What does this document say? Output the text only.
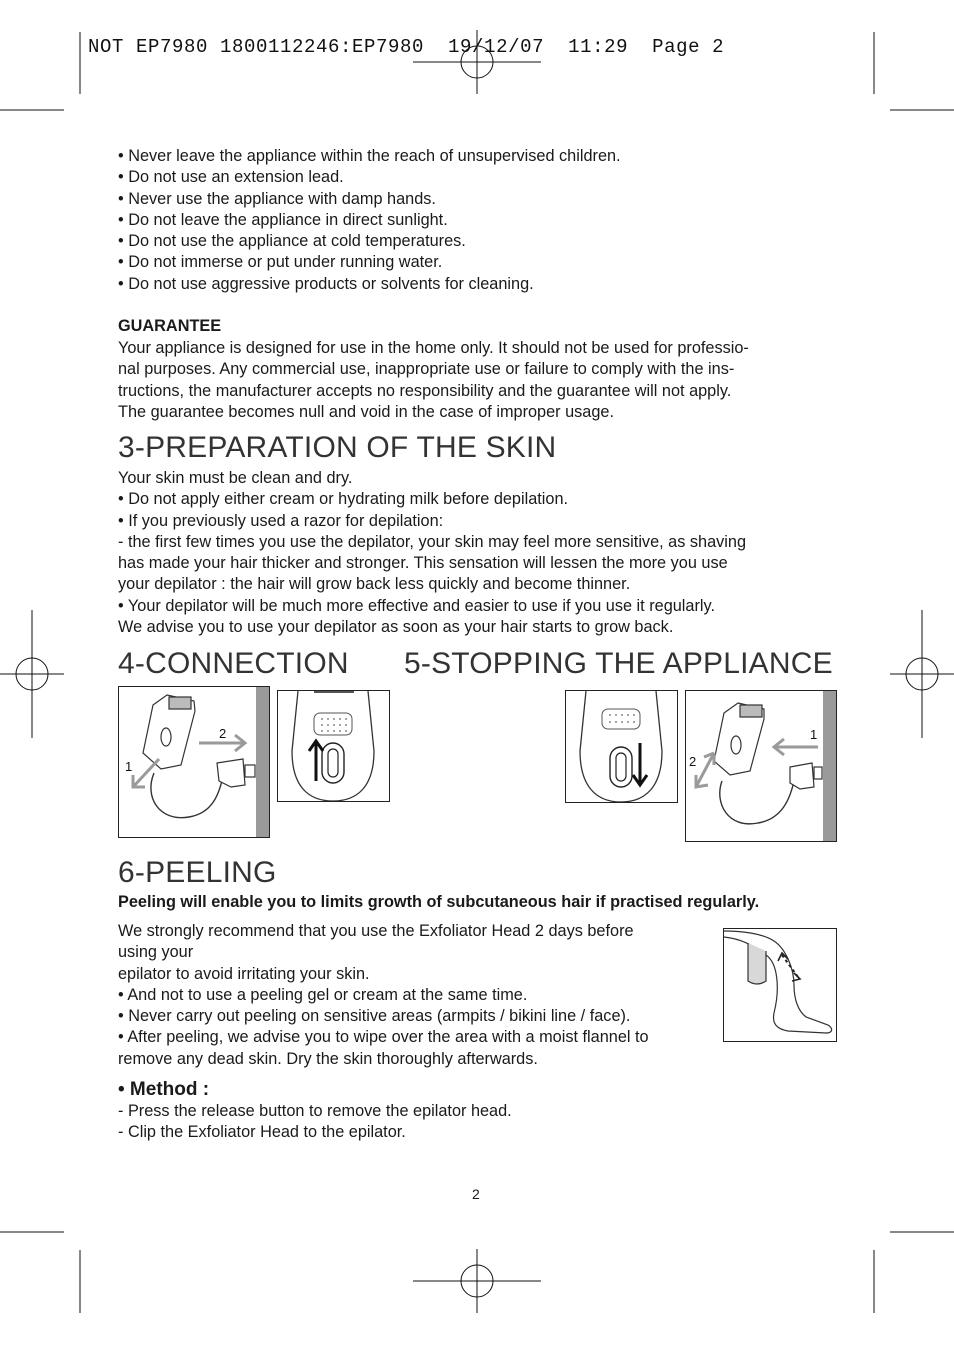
NOT EP7980 1800112246:EP7980  19/12/07  11:29  Page 2
• Never leave the appliance within the reach of unsupervised children.
• Do not use an extension lead.
• Never use the appliance with damp hands.
• Do not leave the appliance in direct sunlight.
• Do not use the appliance at cold temperatures.
• Do not immerse or put under running water.
• Do not use aggressive products or solvents for cleaning.
GUARANTEE
Your appliance is designed for use in the home only. It should not be used for professio-
nal purposes. Any commercial use, inappropriate use or failure to comply with the ins-
tructions, the manufacturer accepts no responsibility and the guarantee will not apply.
The guarantee becomes null and void in the case of improper usage.
3-PREPARATION OF THE SKIN
Your skin must be clean and dry.
• Do not apply either cream or hydrating milk before depilation.
• If you previously used a razor for depilation:
- the first few times you use the depilator, your skin may feel more sensitive, as shaving
has made your hair thicker and stronger. This sensation will lessen the more you use
your depilator : the hair will grow back less quickly and become thinner.
• Your depilator will be much more effective and easier to use if you use it regularly.
We advise you to use your depilator as soon as your hair starts to grow back.
4-CONNECTION 5-STOPPING THE APPLIANCE
2
1
1
2
6-PEELING
Peeling will enable you to limits growth of subcutaneous hair if practised regularly.
We strongly recommend that you use the Exfoliator Head 2 days before
using your
epilator to avoid irritating your skin.
• And not to use a peeling gel or cream at the same time.
• Never carry out peeling on sensitive areas (armpits / bikini line / face).
• After peeling, we advise you to wipe over the area with a moist flannel to
remove any dead skin. Dry the skin thoroughly afterwards.
• Method :
- Press the release button to remove the epilator head.
- Clip the Exfoliator Head to the epilator.
2
